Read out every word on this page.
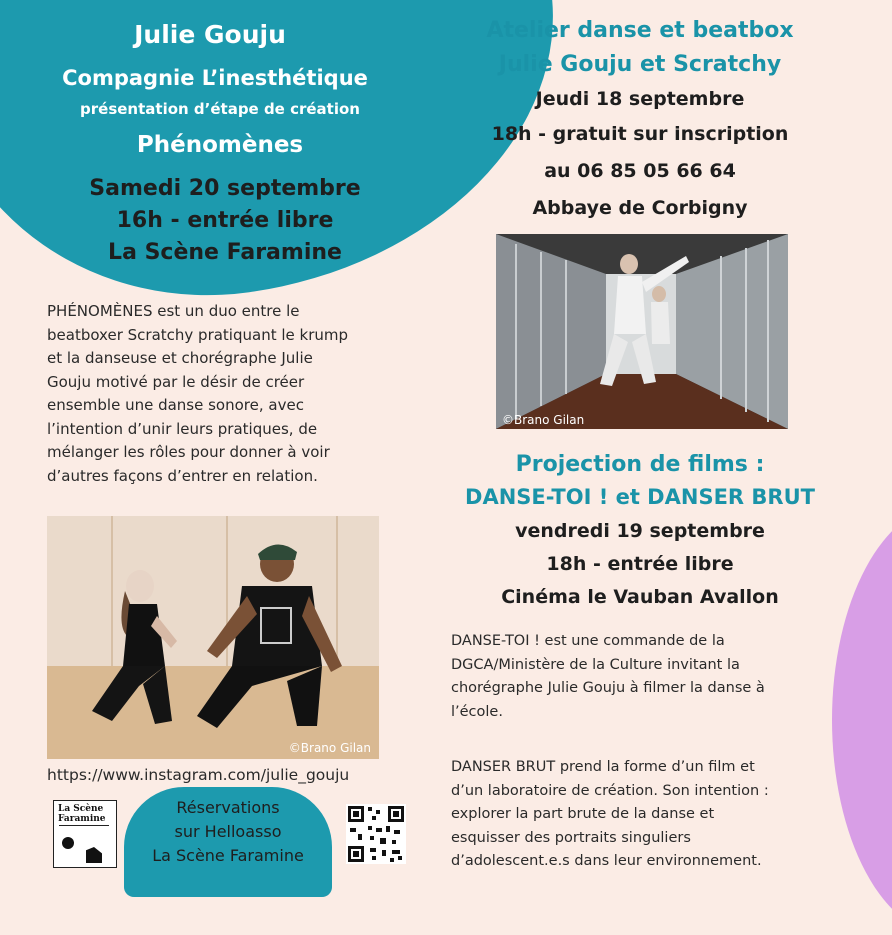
Julie Gouju
Compagnie L’inesthétique
présentation d’étape de création
Phénomènes
Samedi 20 septembre
16h - entrée libre
La Scène Faramine
PHÉNOMÈNES est un duo entre le
beatboxer Scratchy pratiquant le krump
et la danseuse et chorégraphe Julie
Gouju motivé par le désir de créer
ensemble une danse sonore, avec
l’intention d’unir leurs pratiques, de
mélanger les rôles pour donner à voir
d’autres façons d’entrer en relation.
©Brano Gilan
https://www.instagram.com/julie_gouju
La Scène
Faramine
Réservations
sur Helloasso
La Scène Faramine
Atelier danse et beatbox
Julie Gouju et Scratchy
Jeudi 18 septembre
18h - gratuit sur inscription
au 06 85 05 66 64
Abbaye de Corbigny
©Brano Gilan
Projection de films :
DANSE-TOI ! et DANSER BRUT
vendredi 19 septembre
18h - entrée libre
Cinéma le Vauban Avallon
DANSE-TOI ! est une commande de la
DGCA/Ministère de la Culture invitant la
chorégraphe Julie Gouju à filmer la danse à
l’école.
DANSER BRUT prend la forme d’un film et
d’un laboratoire de création. Son intention :
explorer la part brute de la danse et
esquisser des portraits singuliers
d’adolescent.e.s dans leur environnement.
